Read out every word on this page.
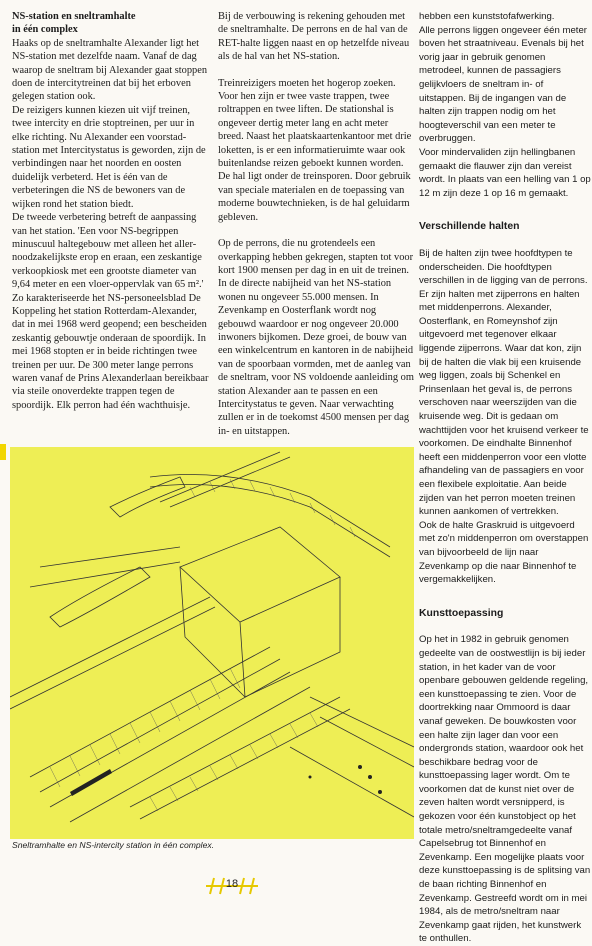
NS-station en sneltramhalte
in één complex

Haaks op de sneltramhalte Alexander ligt het NS-station met dezelfde naam. Vanaf de dag waarop de sneltram bij Alexander gaat stoppen doen de intercitytreinen dat bij het erboven gelegen station ook.

De reizigers kunnen kiezen uit vijf treinen, twee intercity en drie stoptreinen, per uur in elke richting. Nu Alexander een voorstad-station met Intercitystatus is geworden, zijn de verbindingen naar het noorden en oosten duidelijk verbeterd. Het is één van de verbeteringen die NS de bewoners van de wijken rond het station biedt.

De tweede verbetering betreft de aanpassing van het station. 'Een voor NS-begrippen minuscuul haltegebouw met alleen het aller-noodzakelijkste erop en eraan, een zeskantige verkoopkiosk met een grootste diameter van 9,64 meter en een vloer-oppervlak van 65 m².' Zo karakteriseerde het NS-personeelsblad De Koppeling het station Rotterdam-Alexander, dat in mei 1968 werd geopend; een bescheiden zeskantig gebouwtje onderaan de spoordijk. In mei 1968 stopten er in beide richtingen twee treinen per uur. De 300 meter lange perrons waren vanaf de Prins Alexanderlaan bereikbaar via steile onoverdekte trappen tegen de spoordijk. Elk perron had één wachthuisje.

Bij de verbouwing is rekening gehouden met de sneltramhalte. De perrons en de hal van de RET-halte liggen naast en op hetzelfde niveau als de hal van het NS-station.

Treinreizigers moeten het hogerop zoeken. Voor hen zijn er twee vaste trappen, twee roltrappen en twee liften. De stationshal is ongeveer dertig meter lang en acht meter breed. Naast het plaatskaartenkantoor met drie loketten, is er een informatieruimte waar ook buitenlandse reizen geboekt kunnen worden. De hal ligt onder de treinsporen. Door gebruik van speciale materialen en de toepassing van moderne bouwtechnieken, is de hal geluidarm gebleven.

Op de perrons, die nu grotendeels een overkapping hebben gekregen, stapten tot voor kort 1900 mensen per dag in en uit de treinen. In de directe nabijheid van het NS-station wonen nu ongeveer 55.000 mensen. In Zevenkamp en Oosterflank wordt nog gebouwd waardoor er nog ongeveer 20.000 inwoners bijkomen. Deze groei, de bouw van een winkelcentrum en kantoren in de nabijheid van de spoorbaan vormden, met de aanleg van de sneltram, voor NS voldoende aanleiding om station Alexander aan te passen en een Intercitystatus te geven. Naar verwachting zullen er in de toekomst 4500 mensen per dag in- en uitstappen.

hebben een kunststofafwerking.

Alle perrons liggen ongeveer één meter boven het straatniveau. Evenals bij het vorig jaar in gebruik genomen metrodeel, kunnen de passagiers gelijkvloers de sneltram in- of uitstappen. Bij de ingangen van de halten zijn trappen nodig om het hoogteverschil van een meter te overbruggen.

Voor mindervaliden zijn hellingbanen gemaakt die flauwer zijn dan vereist wordt. In plaats van een helling van 1 op 12 m zijn deze 1 op 16 m gemaakt.

Verschillende halten

Bij de halten zijn twee hoofdtypen te onderscheiden. Die hoofdtypen verschillen in de ligging van de perrons. Er zijn halten met zijperrons en halten met middenperrons. Alexander, Oosterflank, en Romeynshof zijn uitgevoerd met tegenover elkaar liggende zijperrons. Waar dat kon, zijn bij de halten die vlak bij een kruisende weg liggen, zoals bij Schenkel en Prinsenlaan het geval is, de perrons verschoven naar weerszijden van die kruisende weg. Dit is gedaan om wachttijden voor het kruisend verkeer te voorkomen. De eindhalte Binnenhof heeft een middenperron voor een vlotte afhandeling van de passagiers en voor een flexibele exploitatie. Aan beide zijden van het perron moeten treinen kunnen aankomen of vertrekken.

Ook de halte Graskruid is uitgevoerd met zo'n middenperron om overstappen van bijvoorbeeld de lijn naar Zevenkamp op die naar Binnenhof te vergemakkelijken.

Kunsttoepassing

Op het in 1982 in gebruik genomen gedeelte van de oostwestlijn is bij ieder station, in het kader van de voor openbare gebouwen geldende regeling, een kunsttoepassing te zien. Voor de doortrekking naar Ommoord is daar vanaf geweken. De bouwkosten voor een halte zijn lager dan voor een ondergronds station, waardoor ook het beschikbare bedrag voor de kunsttoepassing lager wordt. Om te voorkomen dat de kunst niet over de zeven halten wordt versnipperd, is gekozen voor één kunstobject op het totale metro/sneltramgedeelte vanaf Capelsebrug tot Binnenhof en Zevenkamp. Een mogelijke plaats voor deze kunsttoepassing is de splitsing van de baan richting Binnenhof en Zevenkamp. Gestreefd wordt om in mei 1984, als de metro/sneltram naar Zevenkamp gaat rijden, het kunstwerk te onthullen.

Sneltramhalte en NS-intercity station in één complex.
18
